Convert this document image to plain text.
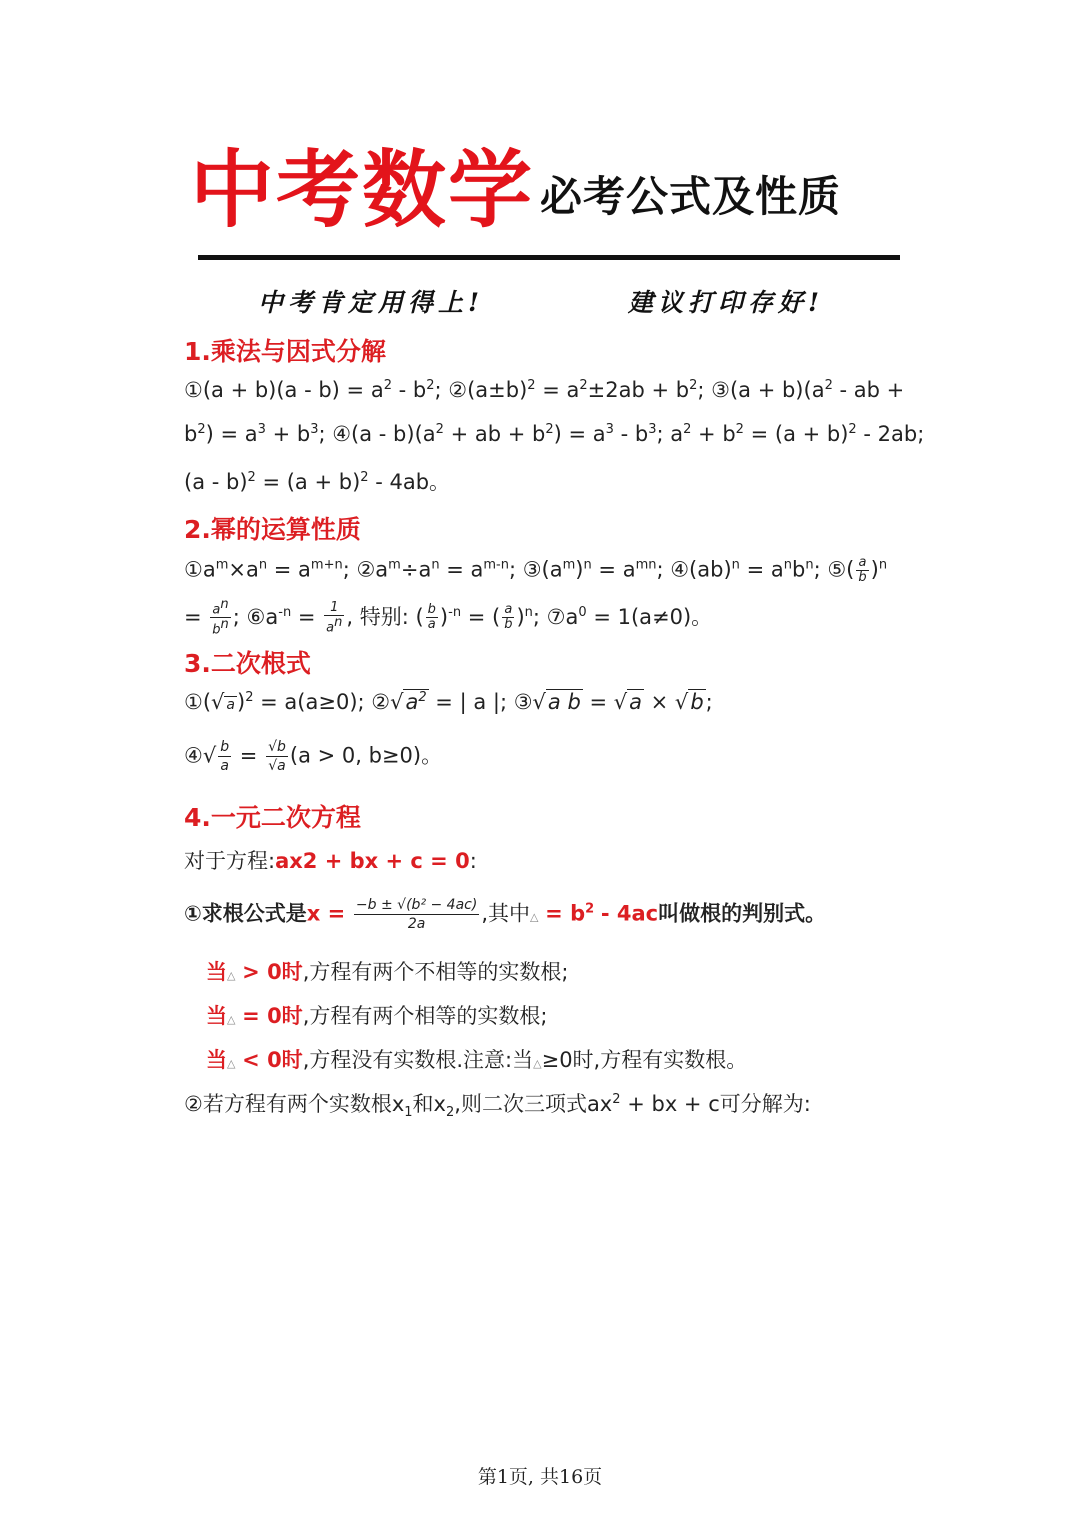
中考数学 必考公式及性质
中考肯定用得上!	建议打印存好!
1.乘法与因式分解
①(a + $b)(a - b) = a^2 - b^2$; $②(a\pm b)^2 = a^2\pm 2ab + b^2$; ③(a + $b)(a^2$ - ab +
$b^2) = a^3 + b^3$; ④(a - $b)(a^2$ + ab + $b^2) = a^3 - b^3$; $a^2 + b^2 = (a + b)^2 - 2ab$;
$(a - b)^2 = (a + b)^2 - 4ab$。
2.幂的运算性质
$①a^m\times a^n = a^{m+n}$; $②a^m\div a^n = a^{m-n}$; $③(a^m)^n = a^{mn}$; ④(ab)$^n$ = $a^nb^n$; ⑤( $\frac{a}{b} )^n$
= $\frac{a^n}{b^n}$ ; $⑥a^{-n} = \frac{1}{a^n}$ , 特别: ( $\frac{b}{a} )^{-n}$ = ( $\frac{a}{b} )^n$; $⑦a^0 = 1(a\ne 0)$。
3.二次根式
①(√ a)$^2$ = a(a≥0); $②√a^2$ = | a |; ③√a b = √a × √b;
④√ $\frac{b}{a} = \frac{√b}{√a} (a > 0$, b≥0)。
4.一元二次方程
对于方程:ax2 + bx + c = 0:
①求根公式是$x = \frac{\text{−b ± √(b² − 4ac)}}{2a}$ ,其中△ = $b^2 - 4ac$叫做根的判别式。
当△ > 0时,方程有两个不相等的实数根;
当△ = 0时,方程有两个相等的实数根;
当△ < 0时,方程没有实数根.注意:当△≥0时,方程有实数根。
②若方程有两个实数根$x_1$和$x_2$,则二次三项式$ax^2$ + bx + c可分解为:
第1页, 共16页
